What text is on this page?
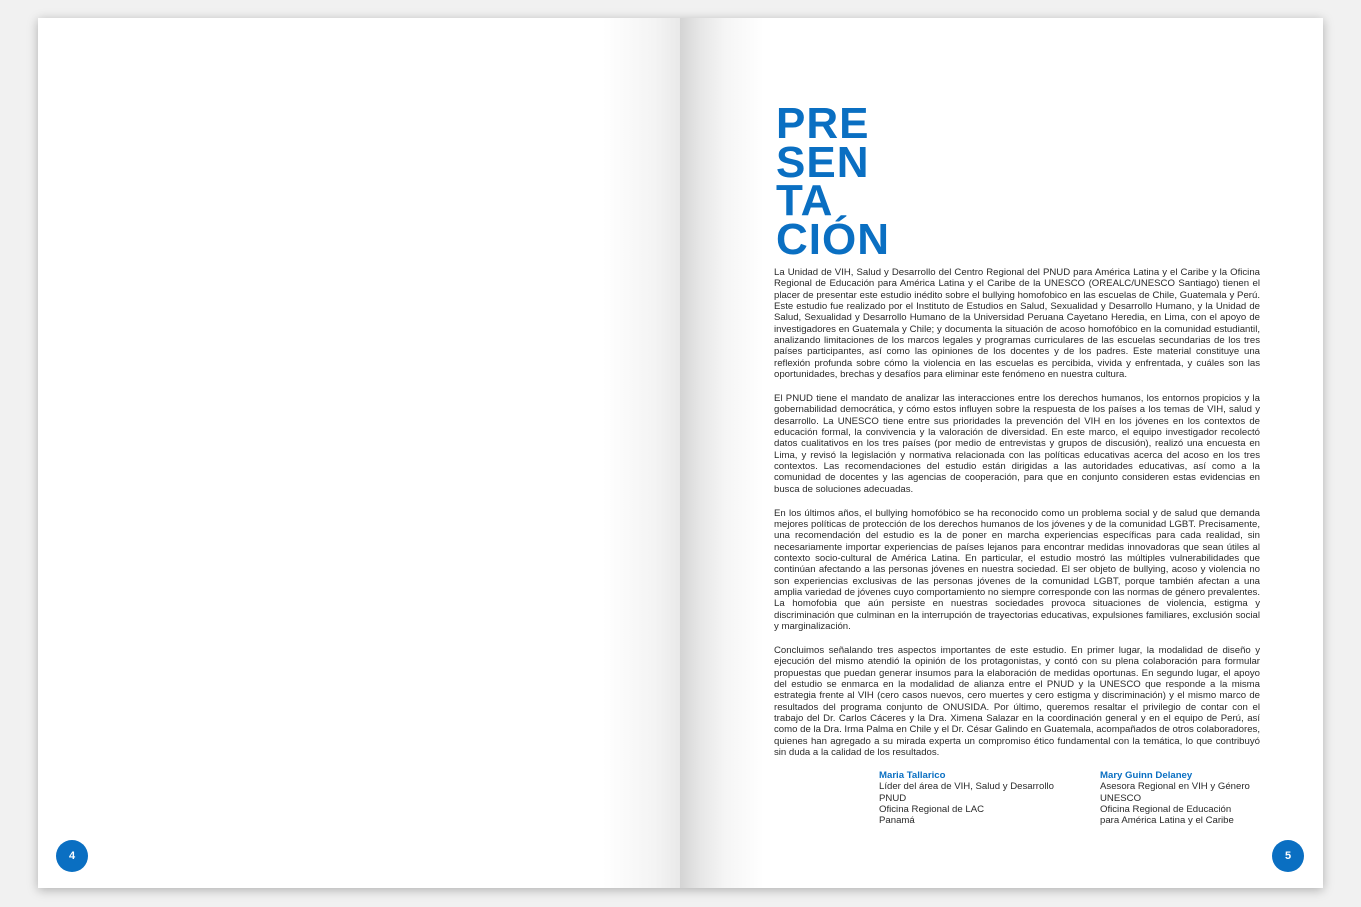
4
PRE
SEN
TA
CIÓN

La Unidad de VIH, Salud y Desarrollo del Centro Regional del PNUD para América Latina y el Caribe y la Oficina Regional de Educación para América Latina y el Caribe de la UNESCO (OREALC/UNESCO Santiago) tienen el placer de presentar este estudio inédito sobre el bullying homofobico en las escuelas de Chile, Guatemala y Perú. Este estudio fue realizado por el Instituto de Estudios en Salud, Sexualidad y Desarrollo Humano, y la Unidad de Salud, Sexualidad y Desarrollo Humano de la Universidad Peruana Cayetano Heredia, en Lima, con el apoyo de investigadores en Guatemala y Chile; y documenta la situación de acoso homofóbico en la comunidad estudiantil, analizando limitaciones de los marcos legales y programas curriculares de las escuelas secundarias de los tres países participantes, así como las opiniones de los docentes y de los padres. Este material constituye una reflexión profunda sobre cómo la violencia en las escuelas es percibida, vivida y enfrentada, y cuáles son las oportunidades, brechas y desafíos para eliminar este fenómeno en nuestra cultura.

El PNUD tiene el mandato de analizar las interacciones entre los derechos humanos, los entornos propicios y la gobernabilidad democrática, y cómo estos influyen sobre la respuesta de los países a los temas de VIH, salud y desarrollo. La UNESCO tiene entre sus prioridades la prevención del VIH en los jóvenes en los contextos de educación formal, la convivencia y la valoración de diversidad. En este marco, el equipo investigador recolectó datos cualitativos en los tres países (por medio de entrevistas y grupos de discusión), realizó una encuesta en Lima, y revisó la legislación y normativa relacionada con las políticas educativas acerca del acoso en los tres contextos. Las recomendaciones del estudio están dirigidas a las autoridades educativas, así como a la comunidad de docentes y las agencias de cooperación, para que en conjunto consideren estas evidencias en busca de soluciones adecuadas.

En los últimos años, el bullying homofóbico se ha reconocido como un problema social y de salud que demanda mejores políticas de protección de los derechos humanos de los jóvenes y de la comunidad LGBT. Precisamente, una recomendación del estudio es la de poner en marcha experiencias específicas para cada realidad, sin necesariamente importar experiencias de países lejanos para encontrar medidas innovadoras que sean útiles al contexto socio-cultural de América Latina. En particular, el estudio mostró las múltiples vulnerabilidades que continúan afectando a las personas jóvenes en nuestra sociedad. El ser objeto de bullying, acoso y violencia no son experiencias exclusivas de las personas jóvenes de la comunidad LGBT, porque también afectan a una amplia variedad de jóvenes cuyo comportamiento no siempre corresponde con las normas de género prevalentes. La homofobia que aún persiste en nuestras sociedades provoca situaciones de violencia, estigma y discriminación que culminan en la interrupción de trayectorias educativas, expulsiones familiares, exclusión social y marginalización.

Concluimos señalando tres aspectos importantes de este estudio. En primer lugar, la modalidad de diseño y ejecución del mismo atendió la opinión de los protagonistas, y contó con su plena colaboración para formular propuestas que puedan generar insumos para la elaboración de medidas oportunas. En segundo lugar, el apoyo del estudio se enmarca en la modalidad de alianza entre el PNUD y la UNESCO que responde a la misma estrategia frente al VIH (cero casos nuevos, cero muertes y cero estigma y discriminación) y el mismo marco de resultados del programa conjunto de ONUSIDA. Por último, queremos resaltar el privilegio de contar con el trabajo del Dr. Carlos Cáceres y la Dra. Ximena Salazar en la coordinación general y en el equipo de Perú, así como de la Dra. Irma Palma en Chile y el Dr. César Galindo en Guatemala, acompañados de otros colaboradores, quienes han agregado a su mirada experta un compromiso ético fundamental con la temática, lo que contribuyó sin duda a la calidad de los resultados.

Maria Tallarico
Líder del área de VIH, Salud y Desarrollo
PNUD
Oficina Regional de LAC
Panamá
Mary Guinn Delaney
Asesora Regional en VIH y Género
UNESCO
Oficina Regional de Educación
para América Latina y el Caribe
5
